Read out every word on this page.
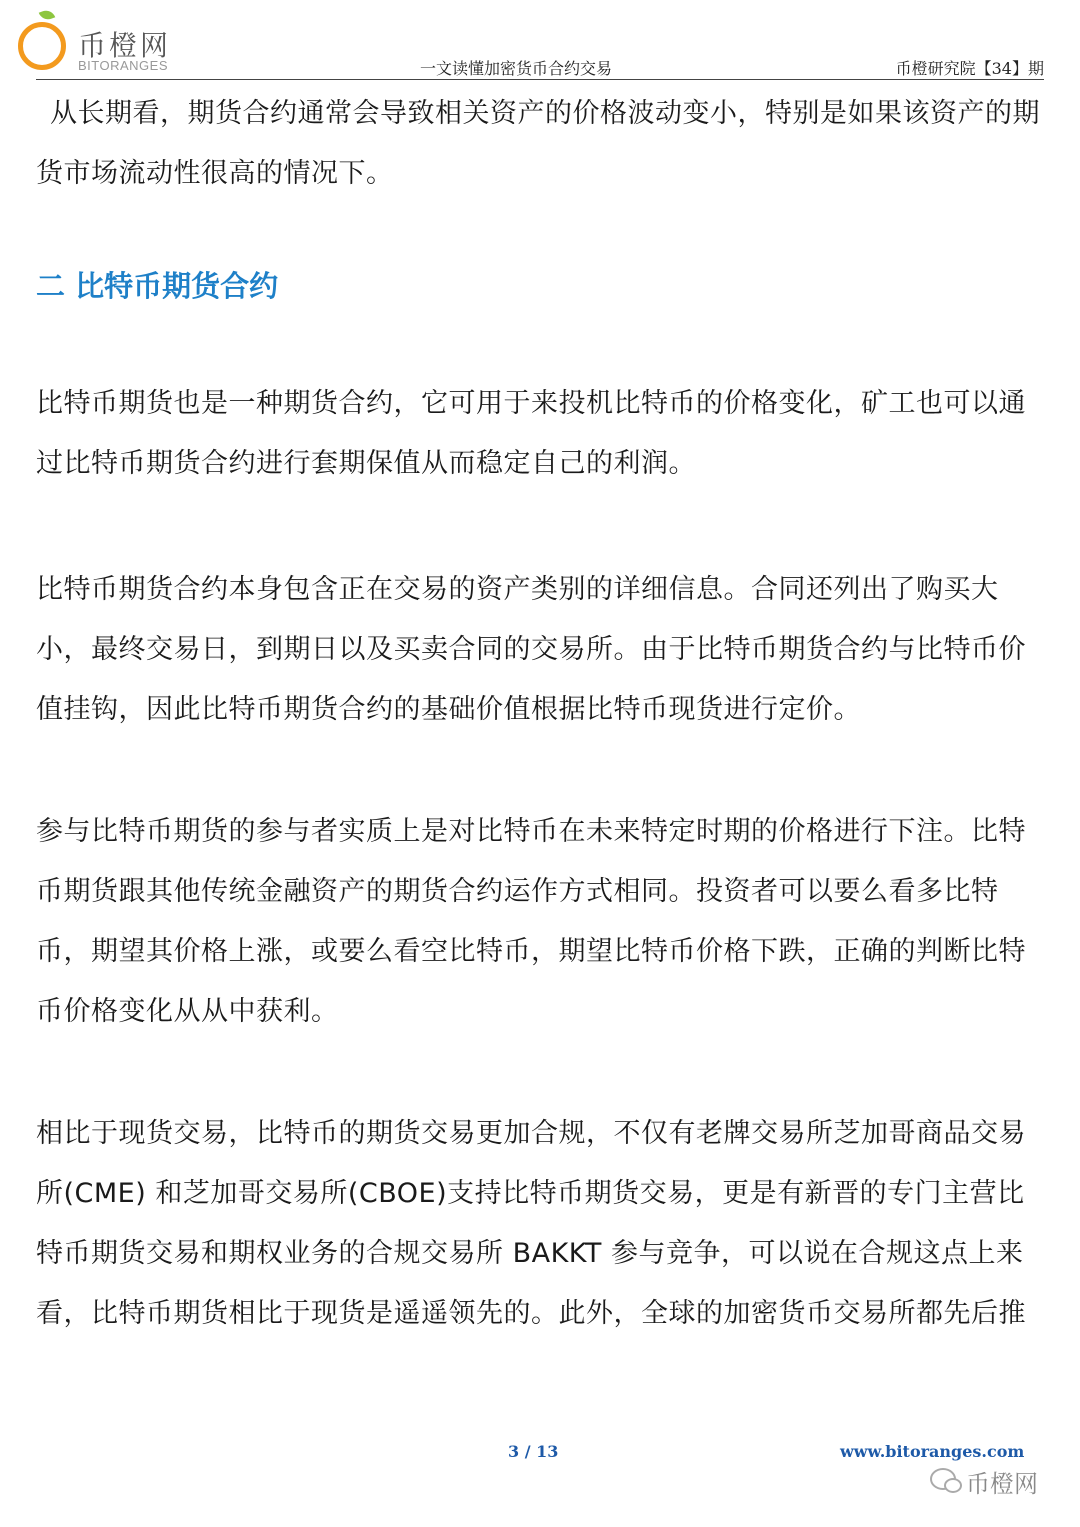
币橙网
BITORANGES	一文读懂加密货币合约交易	币橙研究院【34】期

从长期看，期货合约通常会导致相关资产的价格波动变小，特别是如果该资产的期货市场流动性很高的情况下。

二 比特币期货合约

比特币期货也是一种期货合约，它可用于来投机比特币的价格变化，矿工也可以通过比特币期货合约进行套期保值从而稳定自己的利润。

比特币期货合约本身包含正在交易的资产类别的详细信息。合同还列出了购买大小，最终交易日，到期日以及买卖合同的交易所。由于比特币期货合约与比特币价值挂钩，因此比特币期货合约的基础价值根据比特币现货进行定价。

参与比特币期货的参与者实质上是对比特币在未来特定时期的价格进行下注。比特币期货跟其他传统金融资产的期货合约运作方式相同。投资者可以要么看多比特币，期望其价格上涨，或要么看空比特币，期望比特币价格下跌，正确的判断比特币价格变化从从中获利。

相比于现货交易，比特币的期货交易更加合规，不仅有老牌交易所芝加哥商品交易所(CME) 和芝加哥交易所(CBOE)支持比特币期货交易，更是有新晋的专门主营比特币期货交易和期权业务的合规交易所 BAKKT 参与竞争，可以说在合规这点上来看，比特币期货相比于现货是遥遥领先的。此外，全球的加密货币交易所都先后推

3 / 13	www.bitoranges.com
币橙网
